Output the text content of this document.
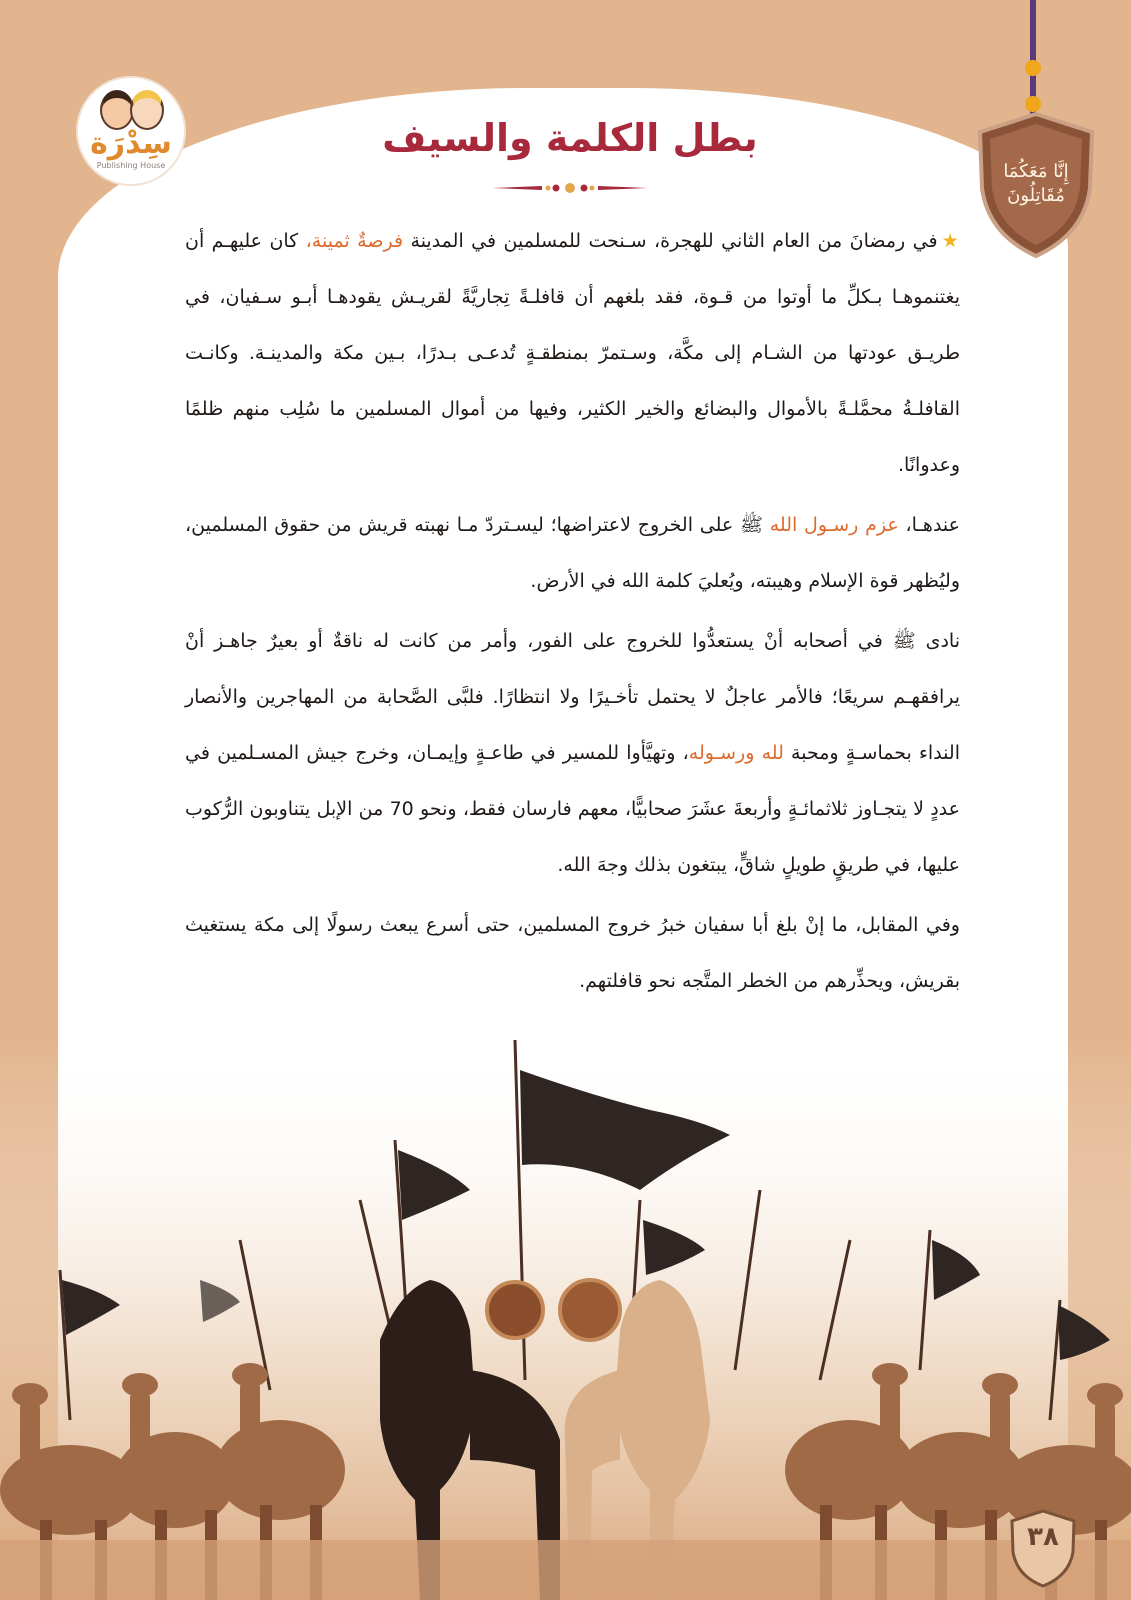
سِدْرَة
Publishing House	إِنَّا مَعَكُمَا
مُقَاتِلُونَ
بطل الكلمة والسيف

★في رمضانَ من العام الثاني للهجرة، سـنحت للمسلمين في المدينة فرصةٌ ثمينة، كان عليهـم أن يغتنموهـا بـكلِّ ما أوتوا من قـوة، فقد بلغهم أن قافلـةً تِجاريَّةً لقريـش يقودهـا أبـو سـفيان، في طريـق عودتها من الشـام إلى مكَّة، وسـتمرّ بمنطقـةٍ تُدعـى بـدرًا، بـين مكة والمدينـة. وكانـت القافلـةُ محمَّلـةً بالأموال والبضائع والخير الكثير، وفيها من أموال المسلمين ما سُلِب منهم ظلمًا وعدوانًا.

عندهـا، عزم رسـول الله ﷺ على الخروج لاعتراضها؛ ليسـتردّ مـا نهبته قريش من حقوق المسلمين، وليُظهر قوة الإسلام وهيبته، ويُعليَ كلمة الله في الأرض.

نادى ﷺ في أصحابه أنْ يستعدُّوا للخروج على الفور، وأمر من كانت له ناقةٌ أو بعيرٌ جاهـز أنْ يرافقهـم سريعًا؛ فالأمر عاجلٌ لا يحتمل تأخـيرًا ولا انتظارًا. فلبَّى الصَّحابة من المهاجرين والأنصار النداء بحماسـةٍ ومحبة لله ورسـوله، وتهيَّأوا للمسير في طاعـةٍ وإيمـان، وخرج جيش المسـلمين في عددٍ لا يتجـاوز ثلاثمائـةٍ وأربعةَ عشَرَ صحابيًّا، معهم فارسان فقط، ونحو 70 من الإبل يتناوبون الرُّكوب عليها، في طريقٍ طويلٍ شاقٍّ، يبتغون بذلك وجهَ الله.

وفي المقابل، ما إنْ بلغ أبا سفيان خبرُ خروج المسلمين، حتى أسرع يبعث رسولًا إلى مكة يستغيث بقريش، ويحذِّرهم من الخطر المتَّجه نحو قافلتهم.

٣٨
